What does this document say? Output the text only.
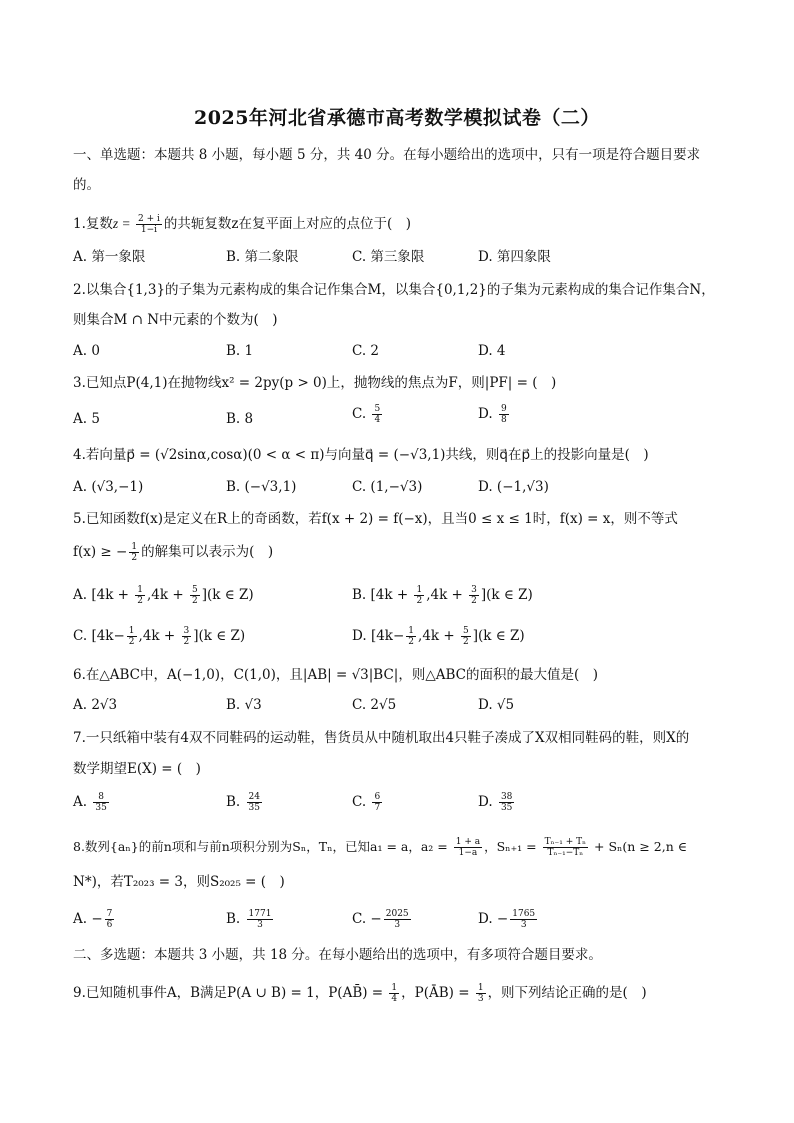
2025年河北省承德市高考数学模拟试卷（二）
一、单选题：本题共 8 小题，每小题 5 分，共 40 分。在每小题给出的选项中，只有一项是符合题目要求
的。
1.复数$z = \frac{2 + i}{1-i}$ 的共轭复数z在复平面上对应的点位于(　)
A. 第一象限	B. 第二象限	C. 第三象限	D. 第四象限
2.以集合{1,3}的子集为元素构成的集合记作集合M，以集合{0,1,2}的子集为元素构成的集合记作集合N，
则集合M ∩ N中元素的个数为(　)
A. 0	B. 1	C. 2	D. 4
3.已知点P(4,1)在抛物线x² = 2py(p > 0)上，抛物线的焦点为F，则|PF| = (　)
A. 5	B. 8	C. $\frac{5}{4}$	D. $\frac{9}{8}$
4.若向量p⃗ = (√2sinα,cosα)(0 < α < π)与向量q⃗ = (−√3,1)共线，则q⃗在p⃗上的投影向量是(　)
A. (√3,−1)	B. (−√3,1)	C. (1,−√3)	D. (−1,√3)
5.已知函数f(x)是定义在R上的奇函数，若f(x + 2) = f(−x)，且当0 ≤ x ≤ 1时，f(x) = x，则不等式
f(x) ≥ − $\frac{1}{2}$ 的解集可以表示为(　)
A. $[4k + \frac{1}{2} ,4k + \frac{5}{2} ](k$ ∈ Z)	B. $[4k + \frac{1}{2} ,4k + \frac{3}{2} ](k$ ∈ Z)
C. $[4k- \frac{1}{2} ,4k + \frac{3}{2} ](k$ ∈ Z)	D. $[4k- \frac{1}{2} ,4k + \frac{5}{2} ](k$ ∈ Z)
6.在△ABC中，A(−1,0)，C(1,0)，且|AB| = √3|BC|，则△ABC的面积的最大值是(　)
A. 2√3	B. √3	C. 2√5	D. √5
7.一只纸箱中装有4双不同鞋码的运动鞋，售货员从中随机取出4只鞋子凑成了X双相同鞋码的鞋，则X的
数学期望E(X) = (　)
A. $\frac{8}{35}$	B. $\frac{24}{35}$	C. $\frac{6}{7}$	D. $\frac{38}{35}$
8.数列{aₙ}的前n项和与前n项积分别为Sₙ，Tₙ，已知a₁ = a，$a_2 = \frac{1 + a}{1-a}$ ，$S_{n+1} = \frac{\text{Tₙ₋₁ + Tₙ}}{\text{Tₙ₋₁−Tₙ}} + S_n(n \ge 2,n$ ∈
N*)，若T₂₀₂₃ = 3，则S₂₀₂₅ = (　)
A. − $\frac{7}{6}$	B. $\frac{1771}{3}$	C. − $\frac{2025}{3}$	D. − $\frac{1765}{3}$
二、多选题：本题共 3 小题，共 18 分。在每小题给出的选项中，有多项符合题目要求。
9.已知随机事件A，B满足P(A ∪ B) = 1，P(AB̄) = $\frac{1}{4}$ ，P(ĀB) = $\frac{1}{3}$ ，则下列结论正确的是(　)
